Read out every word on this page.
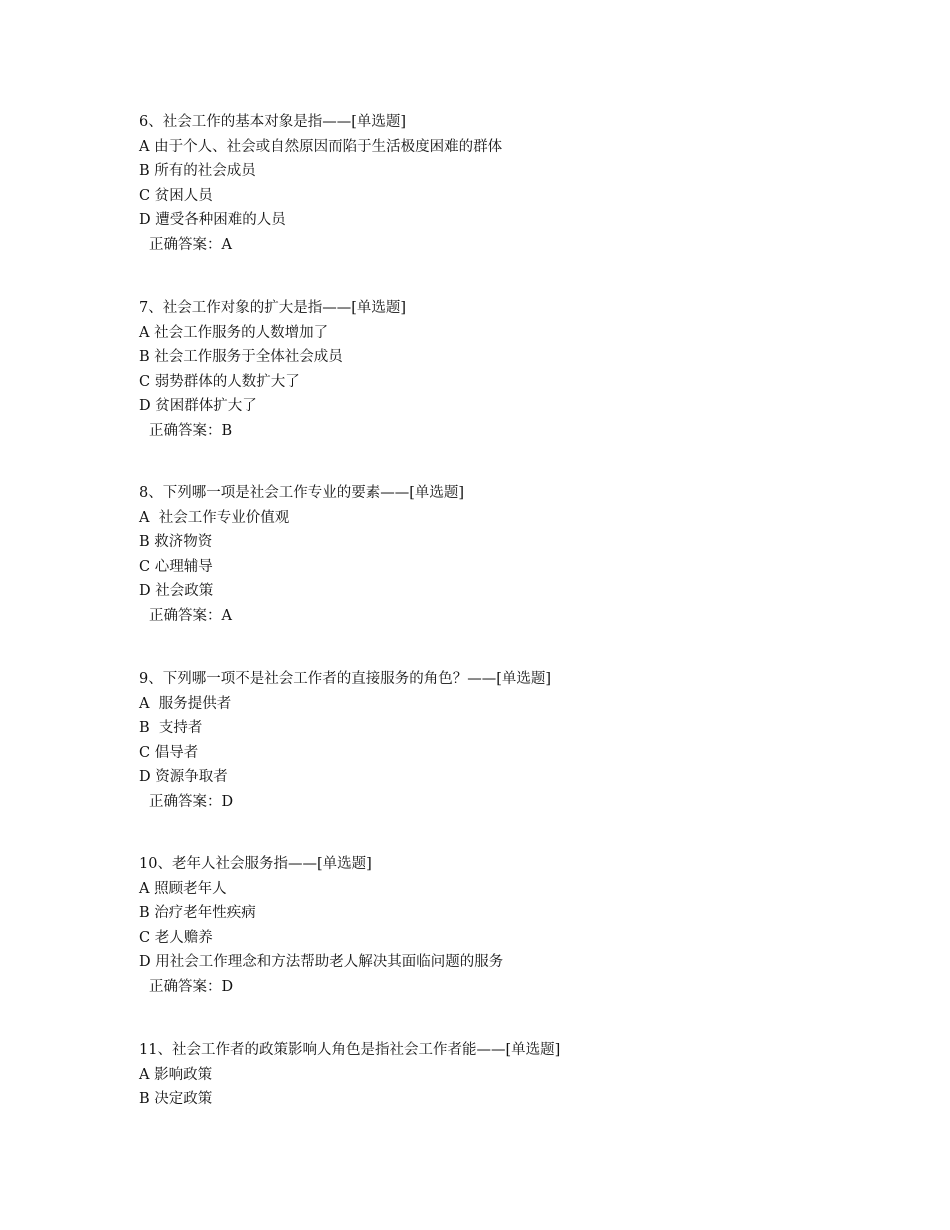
6、社会工作的基本对象是指——[单选题]
A 由于个人、社会或自然原因而陷于生活极度困难的群体
B 所有的社会成员
C 贫困人员
D 遭受各种困难的人员
正确答案：A
7、社会工作对象的扩大是指——[单选题]
A 社会工作服务的人数增加了
B 社会工作服务于全体社会成员
C 弱势群体的人数扩大了
D 贫困群体扩大了
正确答案：B
8、下列哪一项是社会工作专业的要素——[单选题]
A  社会工作专业价值观
B 救济物资
C 心理辅导
D 社会政策
正确答案：A
9、下列哪一项不是社会工作者的直接服务的角色？——[单选题]
A  服务提供者
B  支持者
C 倡导者
D 资源争取者
正确答案：D
10、老年人社会服务指——[单选题]
A 照顾老年人
B 治疗老年性疾病
C 老人赡养
D 用社会工作理念和方法帮助老人解决其面临问题的服务
正确答案：D
11、社会工作者的政策影响人角色是指社会工作者能——[单选题]
A 影响政策
B 决定政策
